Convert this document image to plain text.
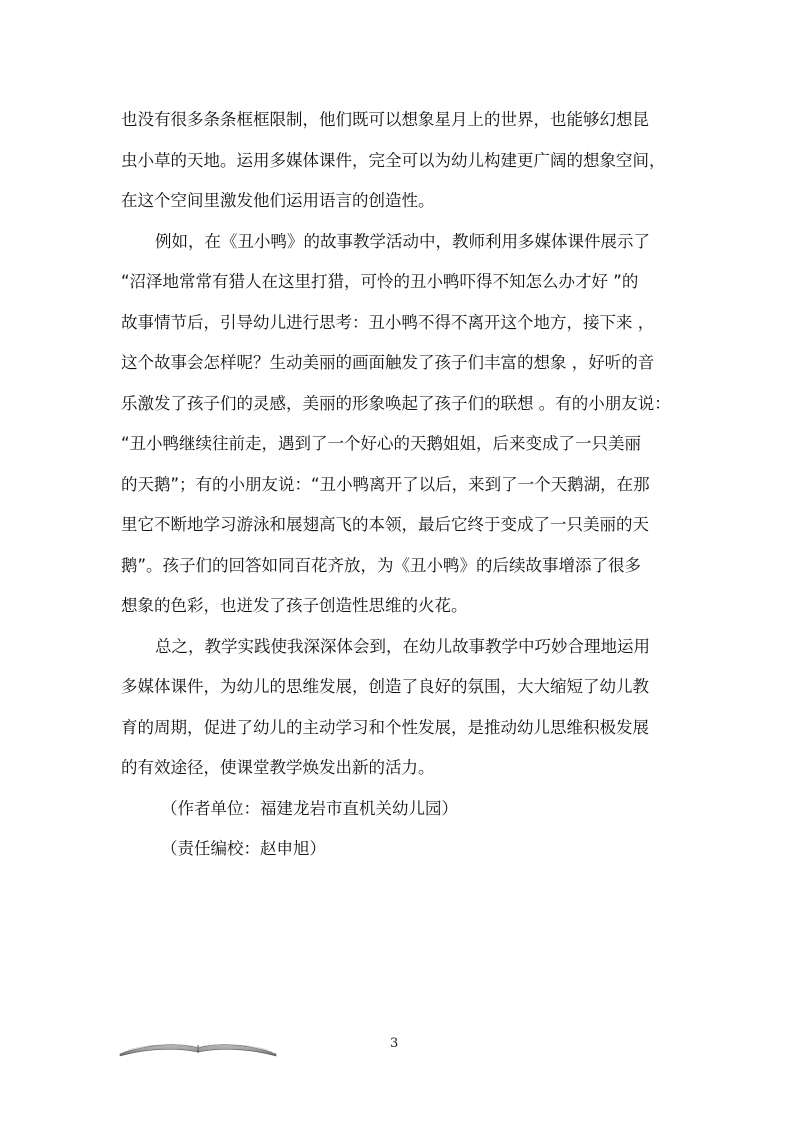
也没有很多条条框框限制，他们既可以想象星月上的世界，也能够幻想昆
虫小草的天地。运用多媒体课件，完全可以为幼儿构建更广阔的想象空间，
在这个空间里激发他们运用语言的创造性。
例如，在《丑小鸭》的故事教学活动中，教师利用多媒体课件展示了
“沼泽地常常有猎人在这里打猎，可怜的丑小鸭吓得不知怎么办才好 ”的
故事情节后，引导幼儿进行思考：丑小鸭不得不离开这个地方，接下来 ，
这个故事会怎样呢？生动美丽的画面触发了孩子们丰富的想象 ，好听的音
乐激发了孩子们的灵感，美丽的形象唤起了孩子们的联想 。有的小朋友说：
“丑小鸭继续往前走，遇到了一个好心的天鹅姐姐，后来变成了一只美丽
的天鹅”；有的小朋友说：“丑小鸭离开了以后，来到了一个天鹅湖，在那
里它不断地学习游泳和展翅高飞的本领，最后它终于变成了一只美丽的天
鹅”。孩子们的回答如同百花齐放，为《丑小鸭》的后续故事增添了很多
想象的色彩，也迸发了孩子创造性思维的火花。
总之，教学实践使我深深体会到，在幼儿故事教学中巧妙合理地运用
多媒体课件，为幼儿的思维发展，创造了良好的氛围，大大缩短了幼儿教
育的周期，促进了幼儿的主动学习和个性发展，是推动幼儿思维积极发展
的有效途径，使课堂教学焕发出新的活力。
（作者单位：福建龙岩市直机关幼儿园）
（责任编校：赵申旭）
3
